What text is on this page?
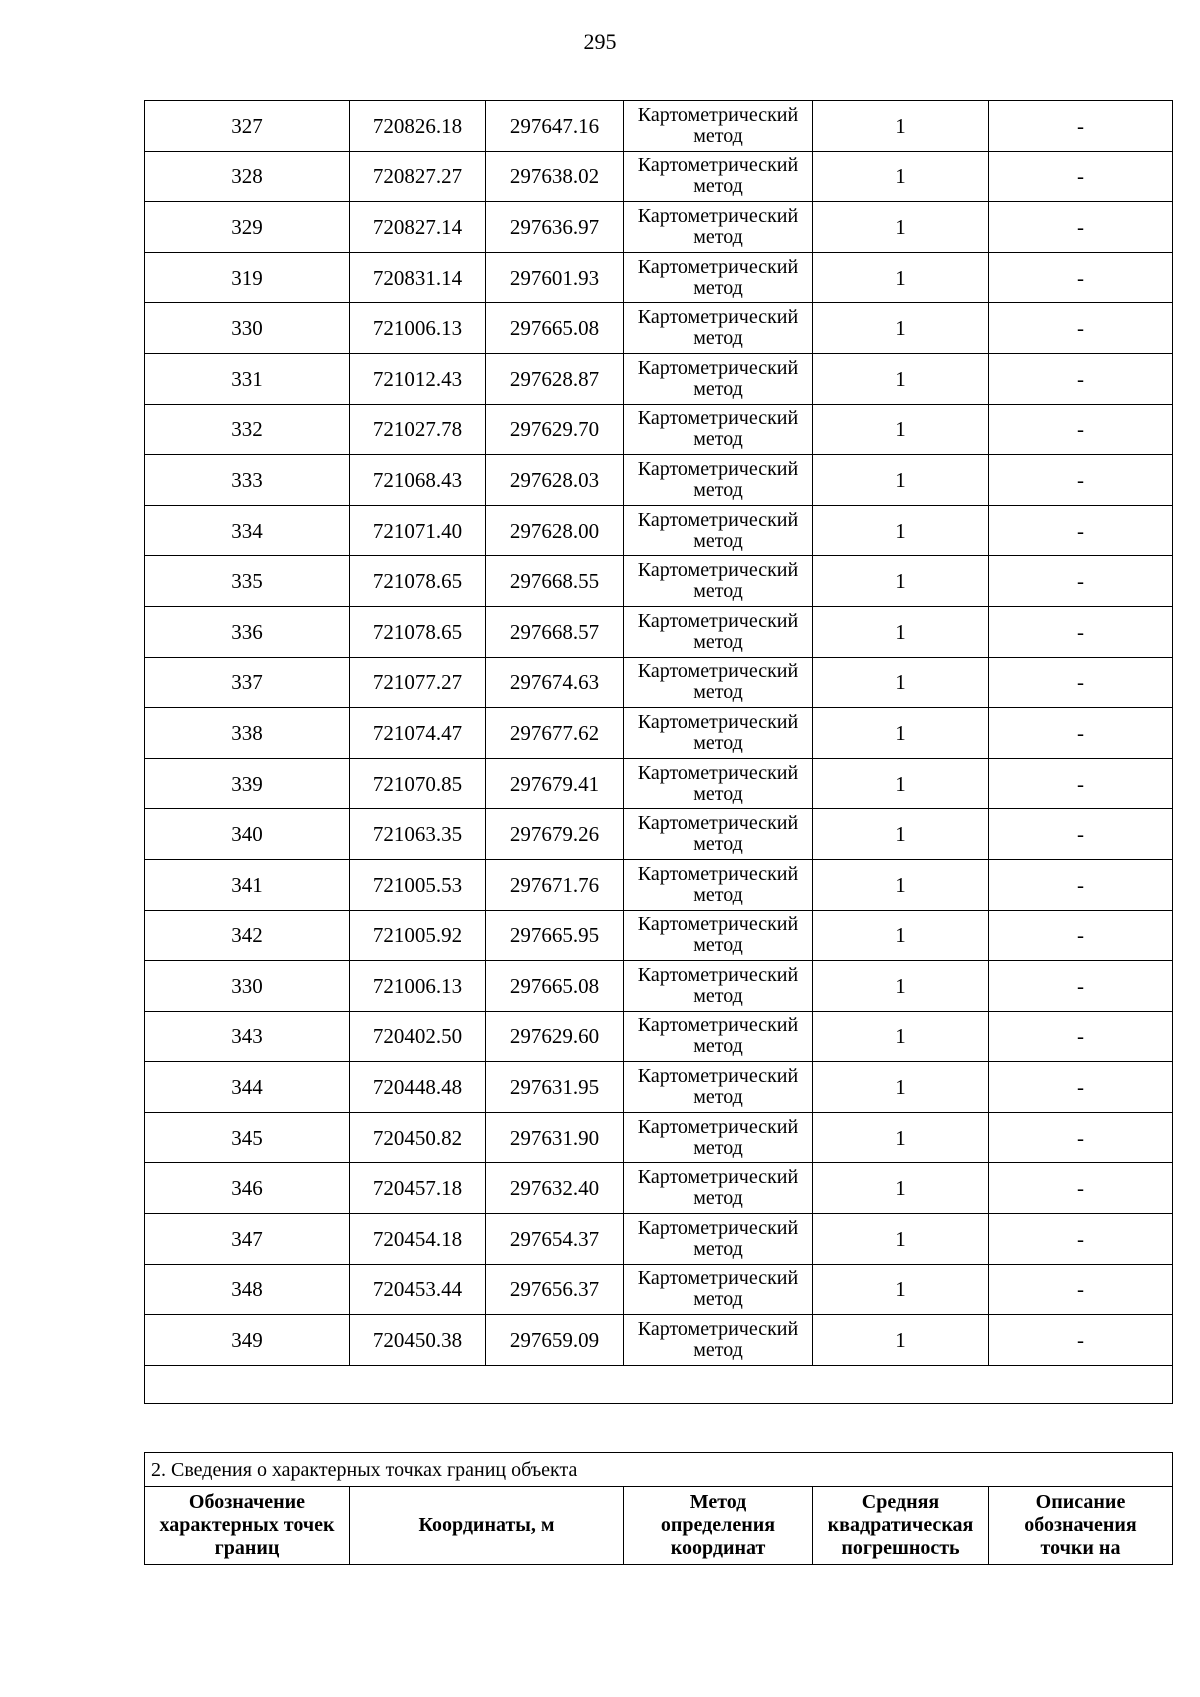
295
327	720826.18	297647.16	Картометрический
метод	1	-
328	720827.27	297638.02	Картометрический
метод	1	-
329	720827.14	297636.97	Картометрический
метод	1	-
319	720831.14	297601.93	Картометрический
метод	1	-
330	721006.13	297665.08	Картометрический
метод	1	-
331	721012.43	297628.87	Картометрический
метод	1	-
332	721027.78	297629.70	Картометрический
метод	1	-
333	721068.43	297628.03	Картометрический
метод	1	-
334	721071.40	297628.00	Картометрический
метод	1	-
335	721078.65	297668.55	Картометрический
метод	1	-
336	721078.65	297668.57	Картометрический
метод	1	-
337	721077.27	297674.63	Картометрический
метод	1	-
338	721074.47	297677.62	Картометрический
метод	1	-
339	721070.85	297679.41	Картометрический
метод	1	-
340	721063.35	297679.26	Картометрический
метод	1	-
341	721005.53	297671.76	Картометрический
метод	1	-
342	721005.92	297665.95	Картометрический
метод	1	-
330	721006.13	297665.08	Картометрический
метод	1	-
343	720402.50	297629.60	Картометрический
метод	1	-
344	720448.48	297631.95	Картометрический
метод	1	-
345	720450.82	297631.90	Картометрический
метод	1	-
346	720457.18	297632.40	Картометрический
метод	1	-
347	720454.18	297654.37	Картометрический
метод	1	-
348	720453.44	297656.37	Картометрический
метод	1	-
349	720450.38	297659.09	Картометрический
метод	1	-

2. Сведения о характерных точках границ объекта
Обозначение
характерных точек
границ	Координаты, м	Метод
определения
координат	Средняя
квадратическая
погрешность	Описание
обозначения
точки на
